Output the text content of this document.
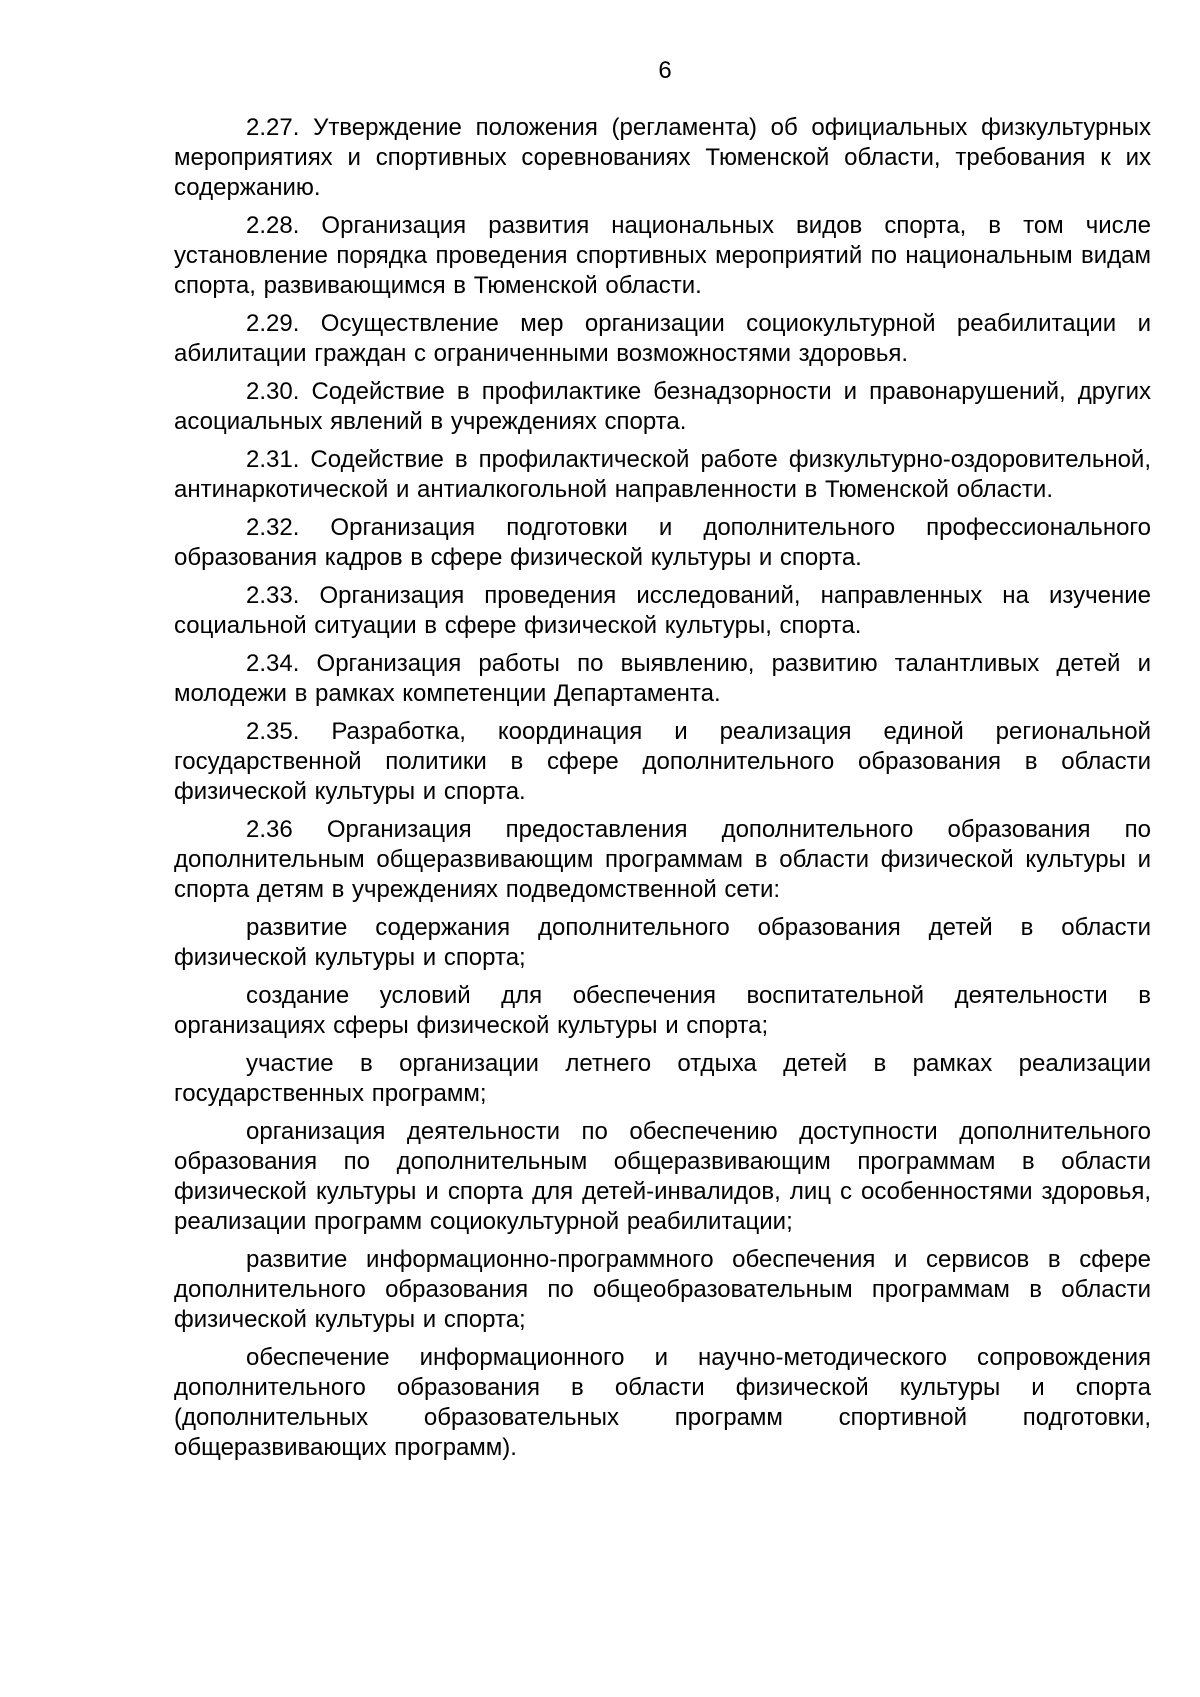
6

2.27. Утверждение положения (регламента) об официальных физкультурных мероприятиях и спортивных соревнованиях Тюменской области, требования к их содержанию.

2.28. Организация развития национальных видов спорта, в том числе установление порядка проведения спортивных мероприятий по национальным видам спорта, развивающимся в Тюменской области.

2.29. Осуществление мер организации социокультурной реабилитации и абилитации граждан с ограниченными возможностями здоровья.

2.30. Содействие в профилактике безнадзорности и правонарушений, других асоциальных явлений в учреждениях спорта.

2.31. Содействие в профилактической работе физкультурно-оздоровительной, антинаркотической и антиалкогольной направленности в Тюменской области.

2.32. Организация подготовки и дополнительного профессионального образования кадров в сфере физической культуры и спорта.

2.33. Организация проведения исследований, направленных на изучение социальной ситуации в сфере физической культуры, спорта.

2.34. Организация работы по выявлению, развитию талантливых детей и молодежи в рамках компетенции Департамента.

2.35. Разработка, координация и реализация единой региональной государственной политики в сфере дополнительного образования в области физической культуры и спорта.

2.36 Организация предоставления дополнительного образования по дополнительным общеразвивающим программам в области физической культуры и спорта детям в учреждениях подведомственной сети:

развитие содержания дополнительного образования детей в области физической культуры и спорта;

создание условий для обеспечения воспитательной деятельности в организациях сферы физической культуры и спорта;

участие в организации летнего отдыха детей в рамках реализации государственных программ;

организация деятельности по обеспечению доступности дополнительного образования по дополнительным общеразвивающим программам в области физической культуры и спорта для детей-инвалидов, лиц с особенностями здоровья, реализации программ социокультурной реабилитации;

развитие информационно-программного обеспечения и сервисов в сфере дополнительного образования по общеобразовательным программам в области физической культуры и спорта;

обеспечение информационного и научно-методического сопровождения дополнительного образования в области физической культуры и спорта (дополнительных образовательных программ спортивной подготовки, общеразвивающих программ).
